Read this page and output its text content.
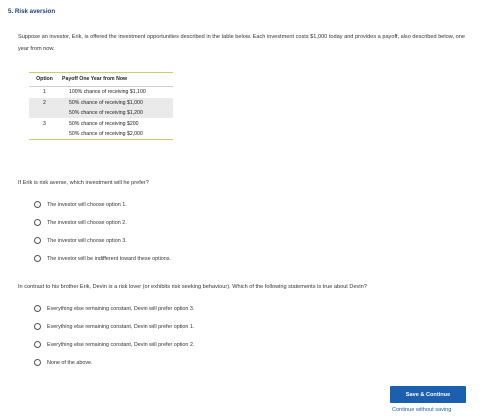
5. Risk aversion
Suppose an investor, Erik, is offered the investment opportunities described in the table below. Each investment costs $1,000 today and provides a payoff, also described below, one year from now.
Option	Payoff One Year from Now
1	100% chance of receiving $1,100
2	50% chance of receiving $1,000
	50% chance of receiving $1,200
3	50% chance of receiving $200
	50% chance of receiving $2,000
If Erik is risk averse, which investment will he prefer?
The investor will choose option 1.
The investor will choose option 2.
The investor will choose option 3.
The investor will be indifferent toward these options.
In contrast to his brother Erik, Devin is a risk lover (or exhibits risk seeking behaviour). Which of the following statements is true about Devin?
Everything else remaining constant, Devin will prefer option 3.
Everything else remaining constant, Devin will prefer option 1.
Everything else remaining constant, Devin will prefer option 2.
None of the above.
Save & Continue
Continue without saving
